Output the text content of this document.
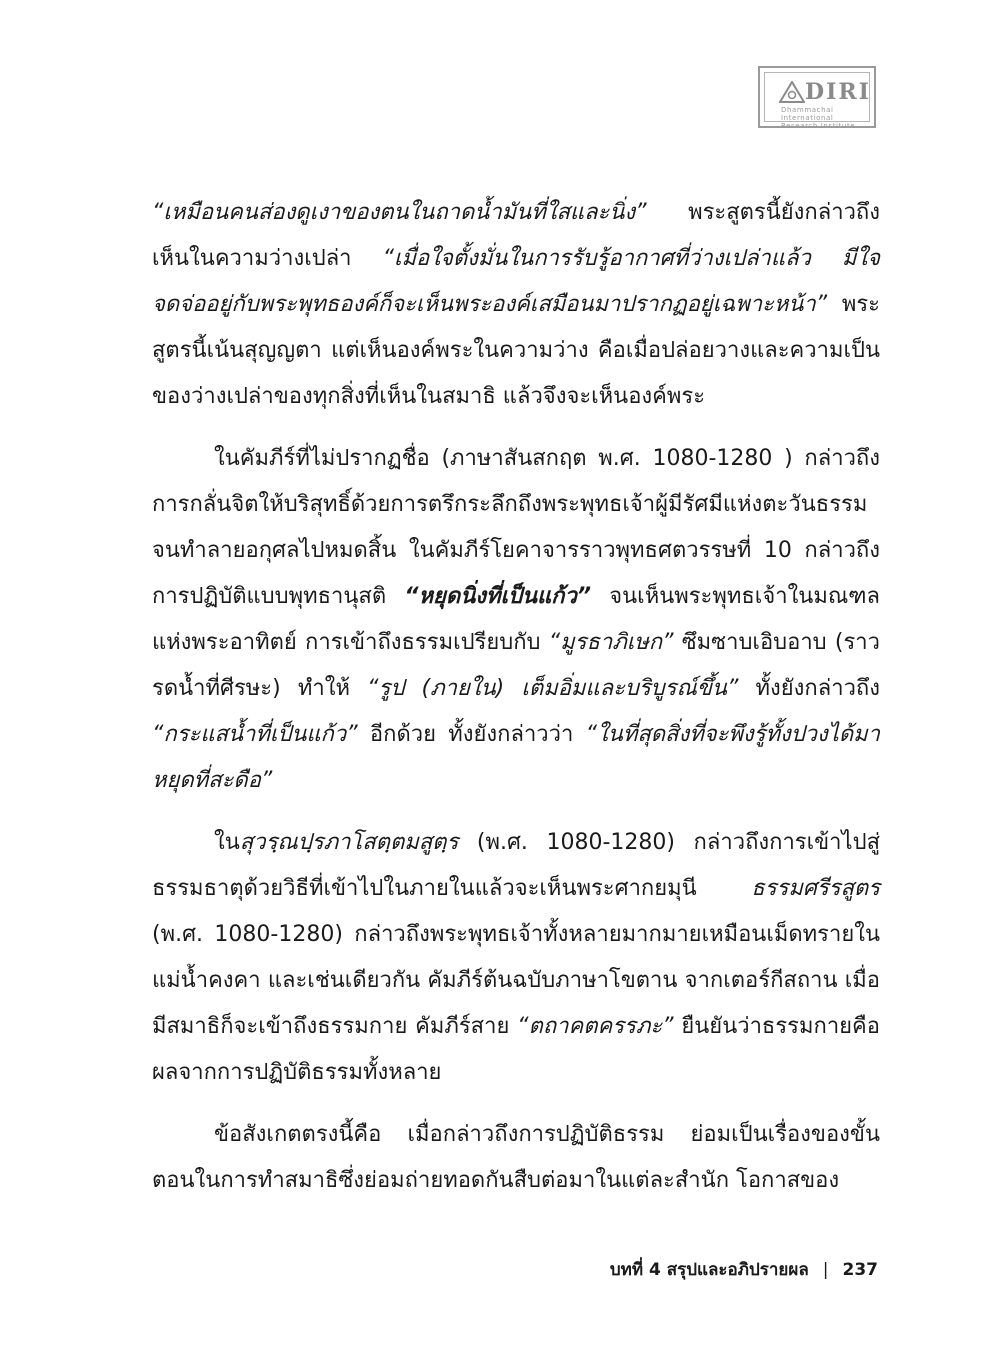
DIRI
Dhammachai International
Research Institute

“เหมือนคนส่องดูเงาของตนในถาดน้ำมันที่ใสและนิ่ง” พระสูตรนี้ยังกล่าวถึง เห็นในความว่างเปล่า “เมื่อใจตั้งมั่นในการรับรู้อากาศที่ว่างเปล่าแล้ว มีใจจดจ่ออยู่กับพระพุทธองค์ก็จะเห็นพระองค์เสมือนมาปรากฏอยู่เฉพาะหน้า” พระสูตรนี้เน้นสุญญตา แต่เห็นองค์พระในความว่าง คือเมื่อปล่อยวางและความเป็นของว่างเปล่าของทุกสิ่งที่เห็นในสมาธิ แล้วจึงจะเห็นองค์พระ

ในคัมภีร์ที่ไม่ปรากฏชื่อ (ภาษาสันสกฤต พ.ศ. 1080-1280 ) กล่าวถึงการกลั่นจิตให้บริสุทธิ์ด้วยการตรึกระลึกถึงพระพุทธเจ้าผู้มีรัศมีแห่งตะวันธรรม จนทำลายอกุศลไปหมดสิ้น ในคัมภีร์โยคาจารราวพุทธศตวรรษที่ 10 กล่าวถึงการปฏิบัติแบบพุทธานุสติ “หยุดนิ่งที่เป็นแก้ว” จนเห็นพระพุทธเจ้าในมณฑลแห่งพระอาทิตย์ การเข้าถึงธรรมเปรียบกับ “มูรธาภิเษก” ซึมซาบเอิบอาบ (ราวรดน้ำที่ศีรษะ) ทำให้ “รูป (ภายใน) เต็มอิ่มและบริบูรณ์ขึ้น” ทั้งยังกล่าวถึง “กระแสน้ำที่เป็นแก้ว” อีกด้วย ทั้งยังกล่าวว่า “ในที่สุดสิ่งที่จะพึงรู้ทั้งปวงได้มาหยุดที่สะดือ”

ในสุวรฺณปฺรภาโสตฺตมสูตฺร (พ.ศ. 1080-1280) กล่าวถึงการเข้าไปสู่ธรรมธาตุด้วยวิธีที่เข้าไปในภายในแล้วจะเห็นพระศากยมุนี ธรรมศรีรสูตร (พ.ศ. 1080-1280) กล่าวถึงพระพุทธเจ้าทั้งหลายมากมายเหมือนเม็ดทรายในแม่น้ำคงคา และเช่นเดียวกัน คัมภีร์ต้นฉบับภาษาโขตาน จากเตอร์กีสถาน เมื่อมีสมาธิก็จะเข้าถึงธรรมกาย คัมภีร์สาย “ตถาคตครรภะ” ยืนยันว่าธรรมกายคือผลจากการปฏิบัติธรรมทั้งหลาย

ข้อสังเกตตรงนี้คือ เมื่อกล่าวถึงการปฏิบัติธรรม ย่อมเป็นเรื่องของขั้นตอนในการทำสมาธิซึ่งย่อมถ่ายทอดกันสืบต่อมาในแต่ละสำนัก โอกาสของ

บทที่ 4 สรุปและอภิปรายผล | 237
